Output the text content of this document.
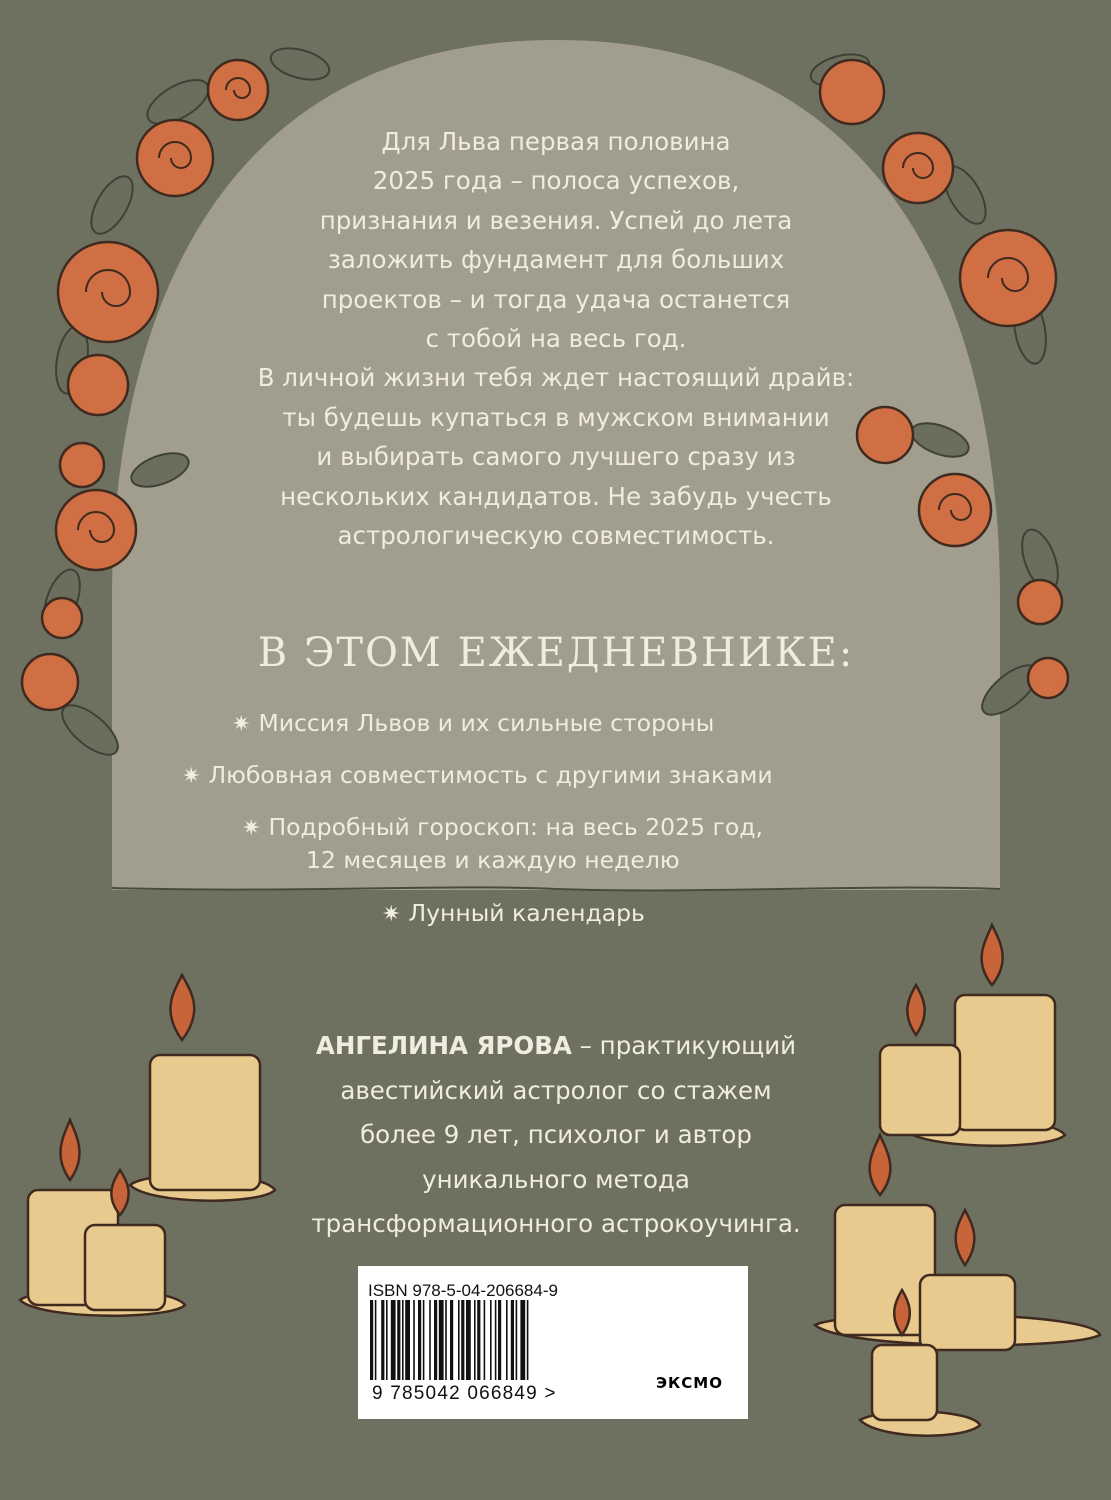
Для Льва первая половина

2025 года – полоса успехов,

признания и везения. Успей до лета

заложить фундамент для больших

проектов – и тогда удача останется

с тобой на весь год.

В личной жизни тебя ждет настоящий драйв:

ты будешь купаться в мужском внимании

и выбирать самого лучшего сразу из

нескольких кандидатов. Не забудь учесть

астрологическую совместимость.

В ЭТОМ ЕЖЕДНЕВНИКЕ:
✷ Миссия Львов и их сильные стороны
✷ Любовная совместимость с другими знаками
✷ Подробный гороскоп: на весь 2025 год,
12 месяцев и каждую неделю
✷ Лунный календарь
АНГЕЛИНА ЯРОВА – практикующий
авестийский астролог со стажем
более 9 лет, психолог и автор
уникального метода
трансформационного астрокоучинга.
ISBN 978-5-04-206684-9
9 785042 066849 >	ЭКСМО
